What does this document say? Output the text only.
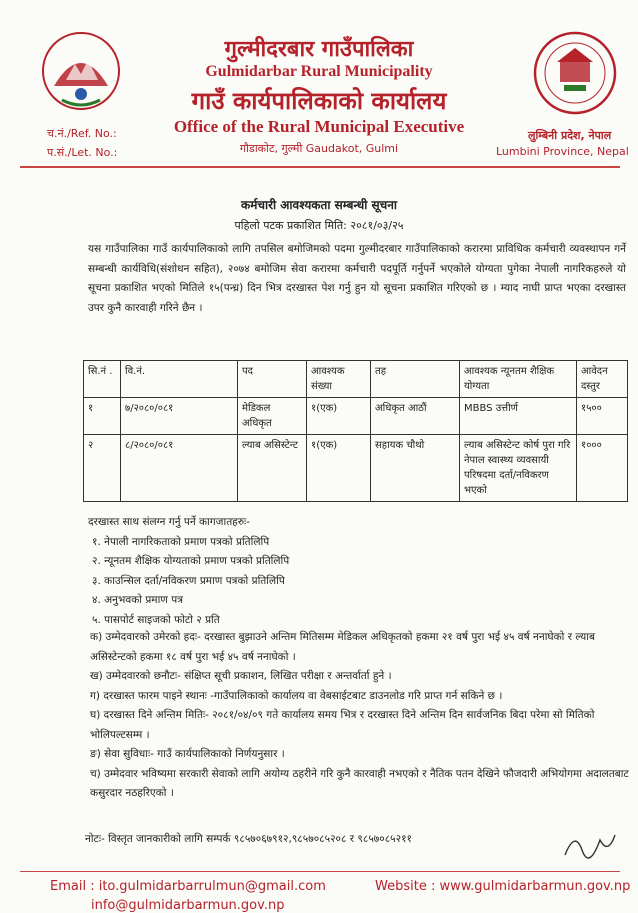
गुल्मीदरबार गाउँपालिका
Gulmidarbar Rural Municipality
गाउँ कार्यपालिकाको कार्यालय
Office of the Rural Municipal Executive
गौडाकोट, गुल्मी Gaudakot, Gulmi
च.नं./Ref. No.:
प.सं./Let. No.:
लुम्बिनी प्रदेश, नेपाल
Lumbini Province, Nepal
कर्मचारी आवश्यकता सम्बन्धी सूचना
पहिलो पटक प्रकाशित मिति: २०८१/०३/२५
यस गाउँपालिका गाउँ कार्यपालिकाको लागि तपसिल बमोजिमको पदमा गुल्मीदरबार गाउँपालिकाको करारमा प्राविधिक कर्मचारी व्यवस्थापन गर्ने सम्बन्धी कार्यविधि(संशोधन सहित), २०७४ बमोजिम सेवा करारमा कर्मचारी पदपूर्ति गर्नुपर्ने भएकोले योग्यता पुगेका नेपाली नागरिकहरुले यो सूचना प्रकाशित भएको मितिले १५(पन्ध्र) दिन भित्र दरखास्त पेश गर्नु हुन यो सूचना प्रकाशित गरिएको छ । म्याद नाघी प्राप्त भएका दरखास्त उपर कुनै कारवाही गरिने छैन ।
सि.नं .	वि.नं.	पद	आवश्यक संख्या	तह	आवश्यक न्यूनतम शैक्षिक योग्यता	आवेदन दस्तुर
१	७/२०८०/०८१	मेडिकल अधिकृत	१(एक)	अधिकृत आठौं	MBBS उत्तीर्ण	१५००
२	८/२०८०/०८१	ल्याब असिस्टेन्ट	१(एक)	सहायक चौथो	ल्याब असिस्टेन्ट कोर्ष पुरा गरि नेपाल स्वास्थ्य व्यवसायी परिषदमा दर्ता/नविकरण भएको	१०००
दरखास्त साथ संलग्न गर्नु पर्ने कागजातहरुः-
१. नेपाली नागरिकताको प्रमाण पत्रको प्रतिलिपि
२. न्यूनतम शैक्षिक योग्यताको प्रमाण पत्रको प्रतिलिपि
३. काउन्सिल दर्ता/नविकरण प्रमाण पत्रको प्रतिलिपि
४. अनुभवको प्रमाण पत्र
५. पासपोर्ट साइजको फोटो २ प्रति
क) उम्मेदवारको उमेरको हदः- दरखास्त बुझाउने अन्तिम मितिसम्म मेडिकल अधिकृतको हकमा २१ वर्ष पुरा भई ४५ वर्ष ननाघेको र ल्याब असिस्टेन्टको हकमा १८ वर्ष पुरा भई ४५ वर्ष ननाघेको ।
ख) उम्मेदवारको छनौटः- संक्षिप्त सूची प्रकाशन, लिखित परीक्षा र अन्तर्वार्ता हुने ।
ग) दरखास्त फारम पाइने स्थानः -गाउँपालिकाको कार्यालय वा वेबसाईटबाट डाउनलोड गरि प्राप्त गर्न सकिने छ ।
घ) दरखास्त दिने अन्तिम मितिः- २०८१/०४/०९ गते कार्यालय समय भित्र र दरखास्त दिने अन्तिम दिन सार्वजनिक बिदा परेमा सो मितिको भोलिपल्टसम्म ।
ङ) सेवा सुविधाः- गाउँ कार्यपालिकाको निर्णयनुसार ।
च) उम्मेदवार भविष्यमा सरकारी सेवाको लागि अयोग्य ठहरीने गरि कुनै कारवाही नभएको र नैतिक पतन देखिने फौजदारी अभियोगमा अदालतबाट कसुरदार नठहरिएको ।
नोटः- विस्तृत जानकारीको लागि सम्पर्क ९८५७०६७९१२,९८५७०८५२०८ र ९८५७०८५२११
Email : ito.gulmidarbarrulmun@gmail.com
info@gulmidarbarmun.gov.np
Website : www.gulmidarbarmun.gov.np
